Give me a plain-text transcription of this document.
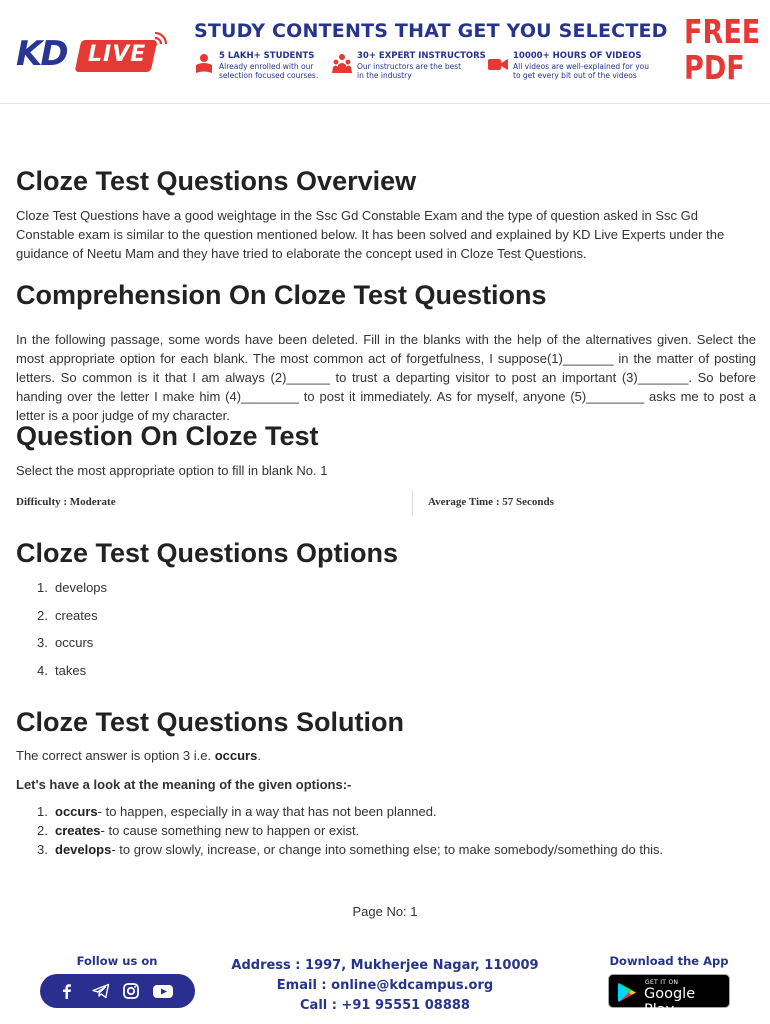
KD LIVE
STUDY CONTENTS THAT GET YOU SELECTED
5 LAKH+ STUDENTS
Already enrolled with our
selection focused courses.
30+ EXPERT INSTRUCTORS
Our instructors are the best
in the industry
10000+ HOURS OF VIDEOS
All videos are well-explained for you
to get every bit out of the videos
FREE
PDF
Cloze Test Questions Overview

Cloze Test Questions have a good weightage in the Ssc Gd Constable Exam and the type of question asked in Ssc Gd Constable exam is similar to the question mentioned below. It has been solved and explained by KD Live Experts under the guidance of Neetu Mam and they have tried to elaborate the concept used in Cloze Test Questions.

Comprehension On Cloze Test Questions

In the following passage, some words have been deleted. Fill in the blanks with the help of the alternatives given. Select the most appropriate option for each blank. The most common act of forgetfulness, I suppose(1)_______ in the matter of posting letters. So common is it that I am always (2)______ to trust a departing visitor to post an important (3)_______. So before handing over the letter I make him (4)________ to post it immediately. As for myself, anyone (5)________ asks me to post a letter is a poor judge of my character.

Question On Cloze Test

Select the most appropriate option to fill in blank No. 1

Difficulty : Moderate	Average Time : 57 Seconds
Cloze Test Questions Options
1. develops
2. creates
3. occurs
4. takes
Cloze Test Questions Solution

The correct answer is option 3 i.e. occurs.

Let's have a look at the meaning of the given options:-

1. occurs- to happen, especially in a way that has not been planned.
2. creates- to cause something new to happen or exist.
3. develops- to grow slowly, increase, or change into something else; to make somebody/something do this.
Page No: 1
Follow us on	Address : 1997, Mukherjee Nagar, 110009
Email : online@kdcampus.org
Call : +91 95551 08888
Download the App
GET IT ON
Google Play
